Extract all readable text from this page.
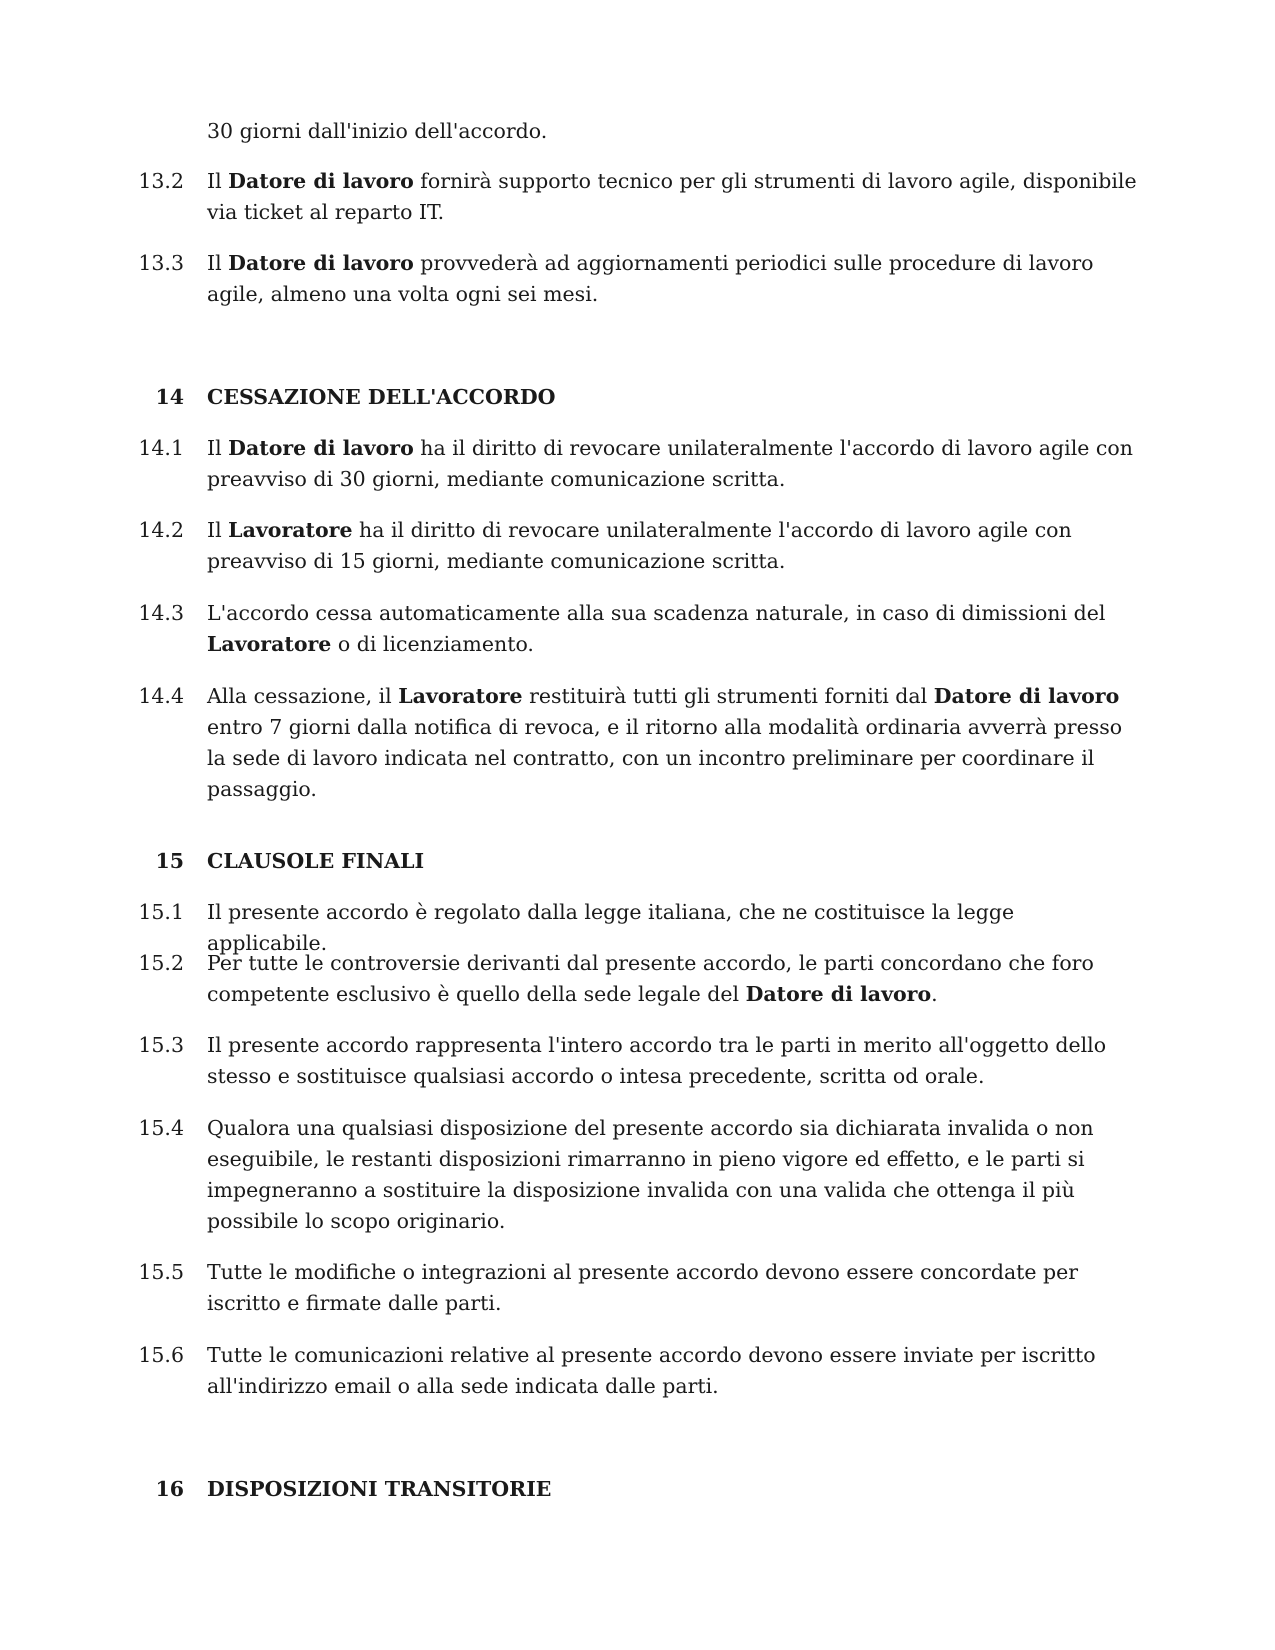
30 giorni dall'inizio dell'accordo.
13.2 Il Datore di lavoro fornirà supporto tecnico per gli strumenti di lavoro agile, disponibile via ticket al reparto IT.
13.3 Il Datore di lavoro provvederà ad aggiornamenti periodici sulle procedure di lavoro agile, almeno una volta ogni sei mesi.
14 CESSAZIONE DELL'ACCORDO
14.1 Il Datore di lavoro ha il diritto di revocare unilateralmente l'accordo di lavoro agile con preavviso di 30 giorni, mediante comunicazione scritta.
14.2 Il Lavoratore ha il diritto di revocare unilateralmente l'accordo di lavoro agile con preavviso di 15 giorni, mediante comunicazione scritta.
14.3 L'accordo cessa automaticamente alla sua scadenza naturale, in caso di dimissioni del Lavoratore o di licenziamento.
14.4 Alla cessazione, il Lavoratore restituirà tutti gli strumenti forniti dal Datore di lavoro entro 7 giorni dalla notifica di revoca, e il ritorno alla modalità ordinaria avverrà presso la sede di lavoro indicata nel contratto, con un incontro preliminare per coordinare il passaggio.
15 CLAUSOLE FINALI
15.1 Il presente accordo è regolato dalla legge italiana, che ne costituisce la legge applicabile.
15.2 Per tutte le controversie derivanti dal presente accordo, le parti concordano che foro competente esclusivo è quello della sede legale del Datore di lavoro.
15.3 Il presente accordo rappresenta l'intero accordo tra le parti in merito all'oggetto dello stesso e sostituisce qualsiasi accordo o intesa precedente, scritta od orale.
15.4 Qualora una qualsiasi disposizione del presente accordo sia dichiarata invalida o non eseguibile, le restanti disposizioni rimarranno in pieno vigore ed effetto, e le parti si impegneranno a sostituire la disposizione invalida con una valida che ottenga il più possibile lo scopo originario.
15.5 Tutte le modifiche o integrazioni al presente accordo devono essere concordate per iscritto e firmate dalle parti.
15.6 Tutte le comunicazioni relative al presente accordo devono essere inviate per iscritto all'indirizzo email o alla sede indicata dalle parti.
16 DISPOSIZIONI TRANSITORIE
